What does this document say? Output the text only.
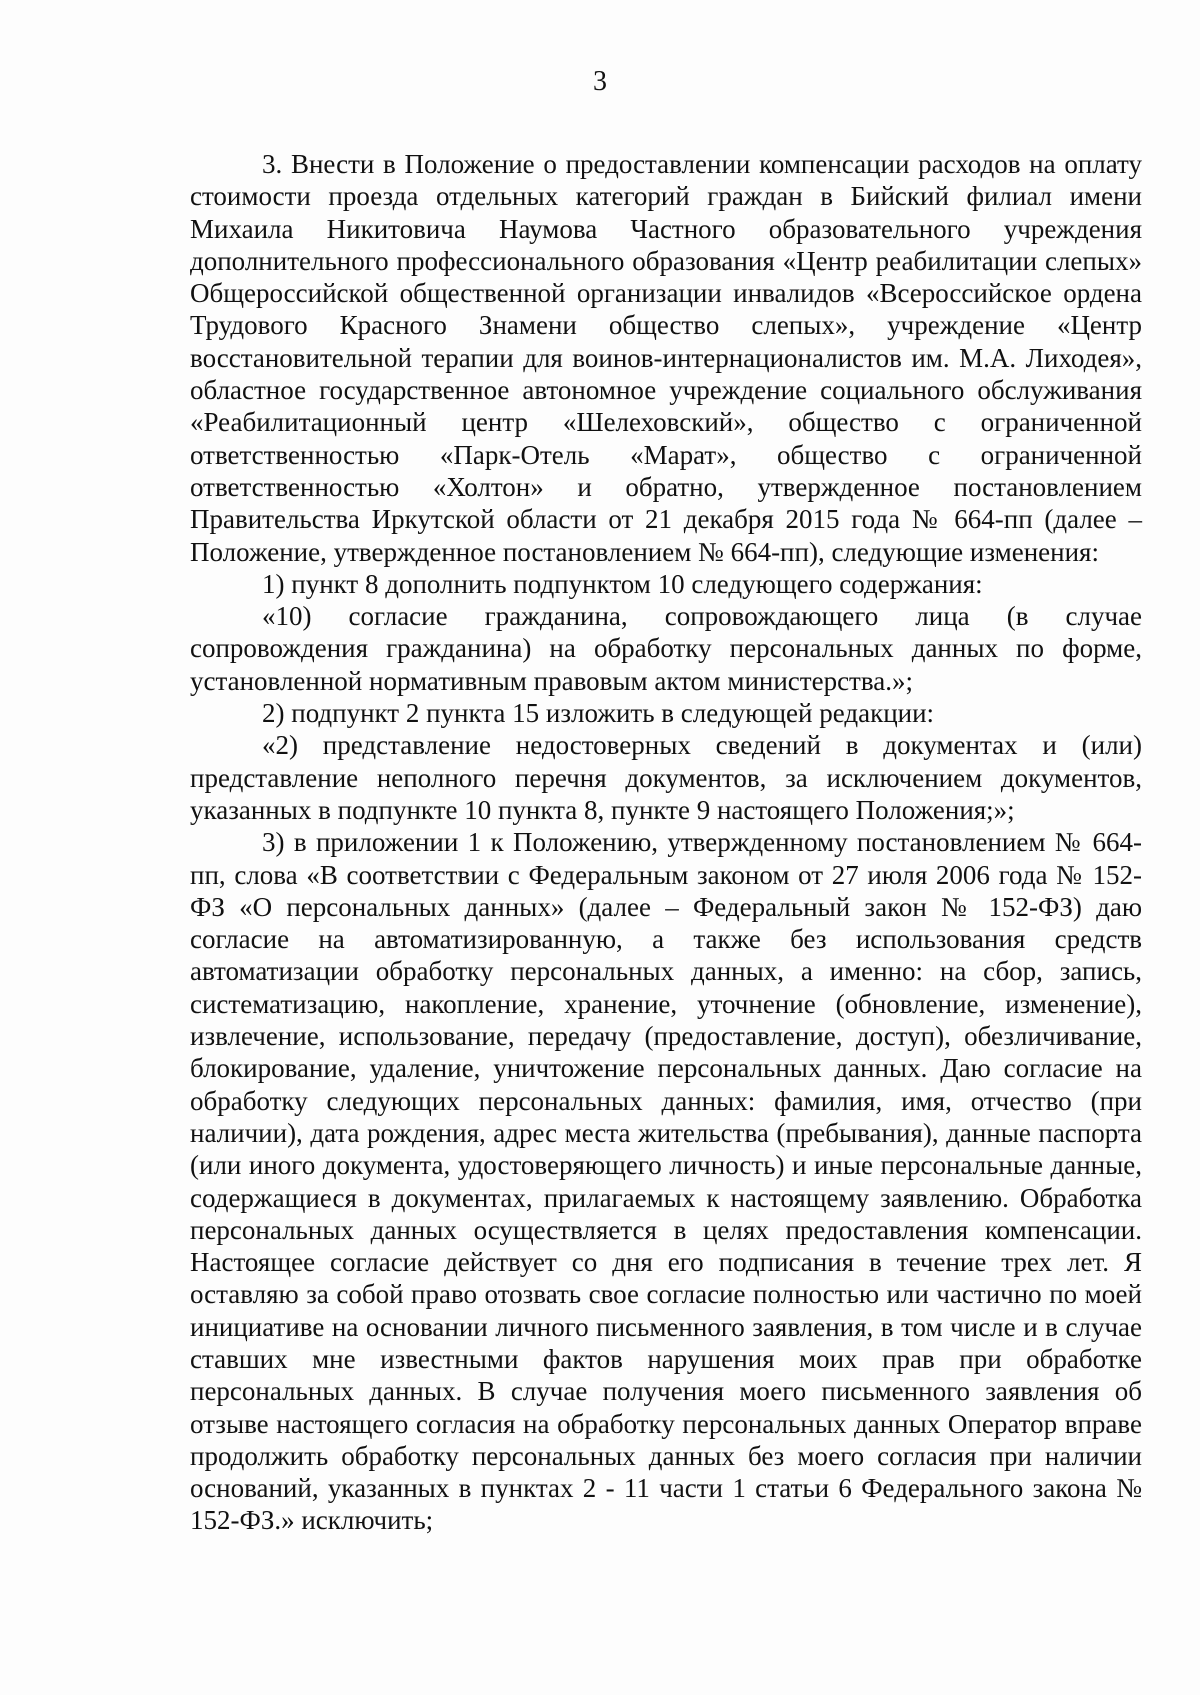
3

3. Внести в Положение о предоставлении компенсации расходов на оплату стоимости проезда отдельных категорий граждан в Бийский филиал имени Михаила Никитовича Наумова Частного образовательного учреждения дополнительного профессионального образования «Центр реабилитации слепых» Общероссийской общественной организации инвалидов «Всероссийское ордена Трудового Красного Знамени общество слепых», учреждение «Центр восстановительной терапии для воинов-интернационалистов им. М.А. Лиходея», областное государственное автономное учреждение социального обслуживания «Реабилитационный центр «Шелеховский», общество с ограниченной ответственностью «Парк-Отель «Марат», общество с ограниченной ответственностью «Холтон» и обратно, утвержденное постановлением Правительства Иркутской области от 21 декабря 2015 года № 664-пп (далее – Положение, утвержденное постановлением № 664-пп), следующие изменения:

1) пункт 8 дополнить подпунктом 10 следующего содержания:

«10) согласие гражданина, сопровождающего лица (в случае сопровождения гражданина) на обработку персональных данных по форме, установленной нормативным правовым актом министерства.»;

2) подпункт 2 пункта 15 изложить в следующей редакции:

«2) представление недостоверных сведений в документах и (или) представление неполного перечня документов, за исключением документов, указанных в подпункте 10 пункта 8, пункте 9 настоящего Положения;»;

3) в приложении 1 к Положению, утвержденному постановлением № 664-пп, слова «В соответствии с Федеральным законом от 27 июля 2006 года № 152-ФЗ «О персональных данных» (далее – Федеральный закон № 152-ФЗ) даю согласие на автоматизированную, а также без использования средств автоматизации обработку персональных данных, а именно: на сбор, запись, систематизацию, накопление, хранение, уточнение (обновление, изменение), извлечение, использование, передачу (предоставление, доступ), обезличивание, блокирование, удаление, уничтожение персональных данных. Даю согласие на обработку следующих персональных данных: фамилия, имя, отчество (при наличии), дата рождения, адрес места жительства (пребывания), данные паспорта (или иного документа, удостоверяющего личность) и иные персональные данные, содержащиеся в документах, прилагаемых к настоящему заявлению. Обработка персональных данных осуществляется в целях предоставления компенсации. Настоящее согласие действует со дня его подписания в течение трех лет. Я оставляю за собой право отозвать свое согласие полностью или частично по моей инициативе на основании личного письменного заявления, в том числе и в случае ставших мне известными фактов нарушения моих прав при обработке персональных данных. В случае получения моего письменного заявления об отзыве настоящего согласия на обработку персональных данных Оператор вправе продолжить обработку персональных данных без моего согласия при наличии оснований, указанных в пунктах 2 - 11 части 1 статьи 6 Федерального закона № 152-ФЗ.» исключить;
